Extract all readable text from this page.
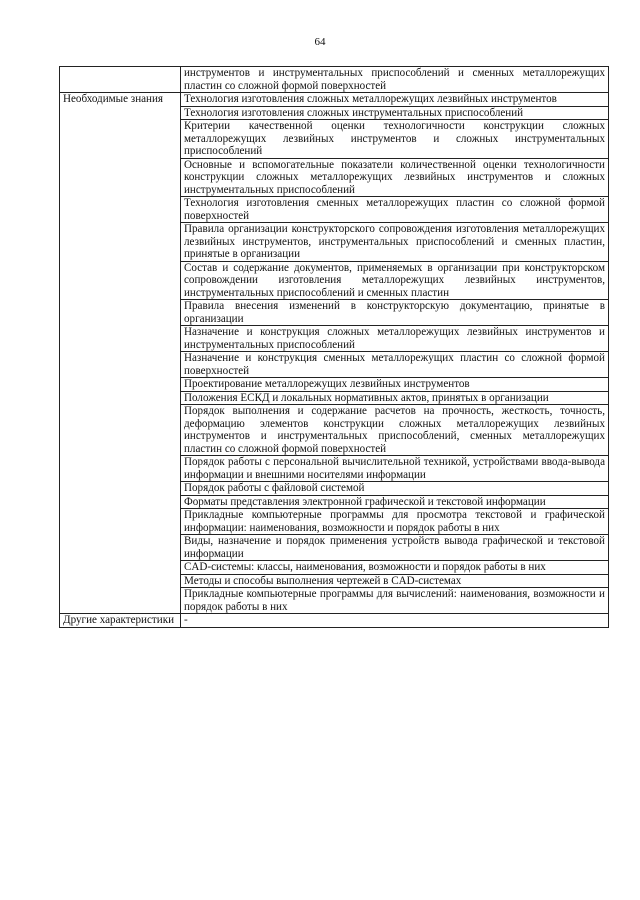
64
	инструментов и инструментальных приспособлений и сменных металлорежущих пластин со сложной формой поверхностей
Необходимые знания	Технология изготовления сложных металлорежущих лезвийных инструментов
	Технология изготовления сложных инструментальных приспособлений
	Критерии качественной оценки технологичности конструкции сложных металлорежущих лезвийных инструментов и сложных инструментальных приспособлений
	Основные и вспомогательные показатели количественной оценки технологичности конструкции сложных металлорежущих лезвийных инструментов и сложных инструментальных приспособлений
	Технология изготовления сменных металлорежущих пластин со сложной формой поверхностей
	Правила организации конструкторского сопровождения изготовления металлорежущих лезвийных инструментов, инструментальных приспособлений и сменных пластин, принятые в организации
	Состав и содержание документов, применяемых в организации при конструкторском сопровождении изготовления металлорежущих лезвийных инструментов, инструментальных приспособлений и сменных пластин
	Правила внесения изменений в конструкторскую документацию, принятые в организации
	Назначение и конструкция сложных металлорежущих лезвийных инструментов и инструментальных приспособлений
	Назначение и конструкция сменных металлорежущих пластин со сложной формой поверхностей
	Проектирование металлорежущих лезвийных инструментов
	Положения ЕСКД и локальных нормативных актов, принятых в организации
	Порядок выполнения и содержание расчетов на прочность, жесткость, точность, деформацию элементов конструкции сложных металлорежущих лезвийных инструментов и инструментальных приспособлений, сменных металлорежущих пластин со сложной формой поверхностей
	Порядок работы с персональной вычислительной техникой, устройствами ввода-вывода информации и внешними носителями информации
	Порядок работы с файловой системой
	Форматы представления электронной графической и текстовой информации
	Прикладные компьютерные программы для просмотра текстовой и графической информации: наименования, возможности и порядок работы в них
	Виды, назначение и порядок применения устройств вывода графической и текстовой информации
	CAD-системы: классы, наименования, возможности и порядок работы в них
	Методы и способы выполнения чертежей в CAD-системах
	Прикладные компьютерные программы для вычислений: наименования, возможности и порядок работы в них
Другие характеристики	-
